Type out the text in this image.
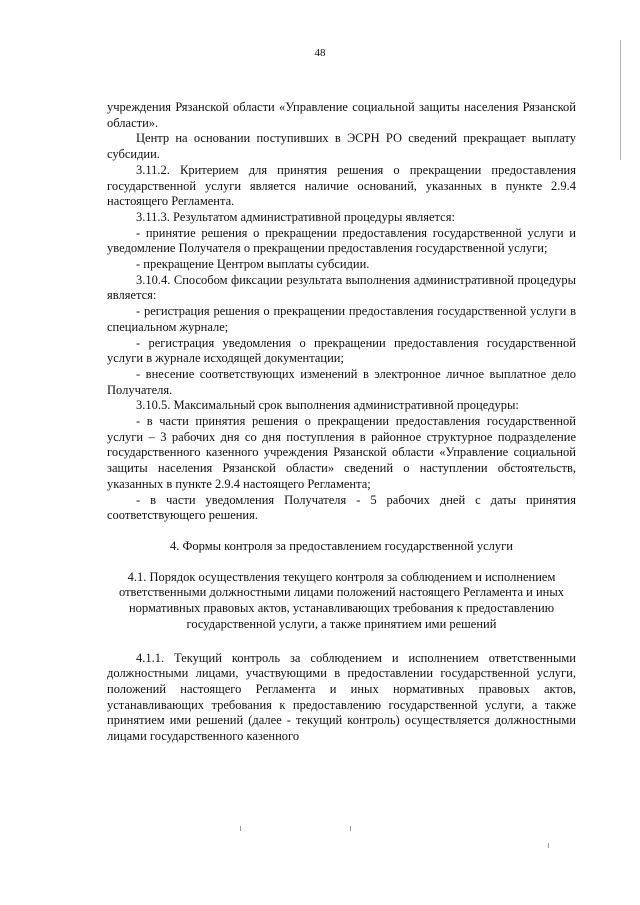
48

учреждения Рязанской области «Управление социальной защиты населения Рязанской области».

Центр на основании поступивших в ЭСРН РО сведений прекращает выплату субсидии.

3.11.2. Критерием для принятия решения о прекращении предоставления государственной услуги является наличие оснований, указанных в пункте 2.9.4 настоящего Регламента.

3.11.3. Результатом административной процедуры является:

- принятие решения о прекращении предоставления государственной услуги и уведомление Получателя о прекращении предоставления государственной услуги;

- прекращение Центром выплаты субсидии.

3.10.4. Способом фиксации результата выполнения административной процедуры является:

- регистрация решения о прекращении предоставления государственной услуги в специальном журнале;

- регистрация уведомления о прекращении предоставления государственной услуги в журнале исходящей документации;

- внесение соответствующих изменений в электронное личное выплатное дело Получателя.

3.10.5. Максимальный срок выполнения административной процедуры:

- в части принятия решения о прекращении предоставления государственной услуги – 3 рабочих дня со дня поступления в районное структурное подразделение государственного казенного учреждения Рязанской области «Управление социальной защиты населения Рязанской области» сведений о наступлении обстоятельств, указанных в пункте 2.9.4 настоящего Регламента;

- в части уведомления Получателя - 5 рабочих дней с даты принятия соответствующего решения.

4. Формы контроля за предоставлением государственной услуги

4.1. Порядок осуществления текущего контроля за соблюдением и исполнением ответственными должностными лицами положений настоящего Регламента и иных нормативных правовых актов, устанавливающих требования к предоставлению государственной услуги, а также принятием ими решений

4.1.1. Текущий контроль за соблюдением и исполнением ответственными должностными лицами, участвующими в предоставлении государственной услуги, положений настоящего Регламента и иных нормативных правовых актов, устанавливающих требования к предоставлению государственной услуги, а также принятием ими решений (далее - текущий контроль) осуществляется должностными лицами государственного казенного
